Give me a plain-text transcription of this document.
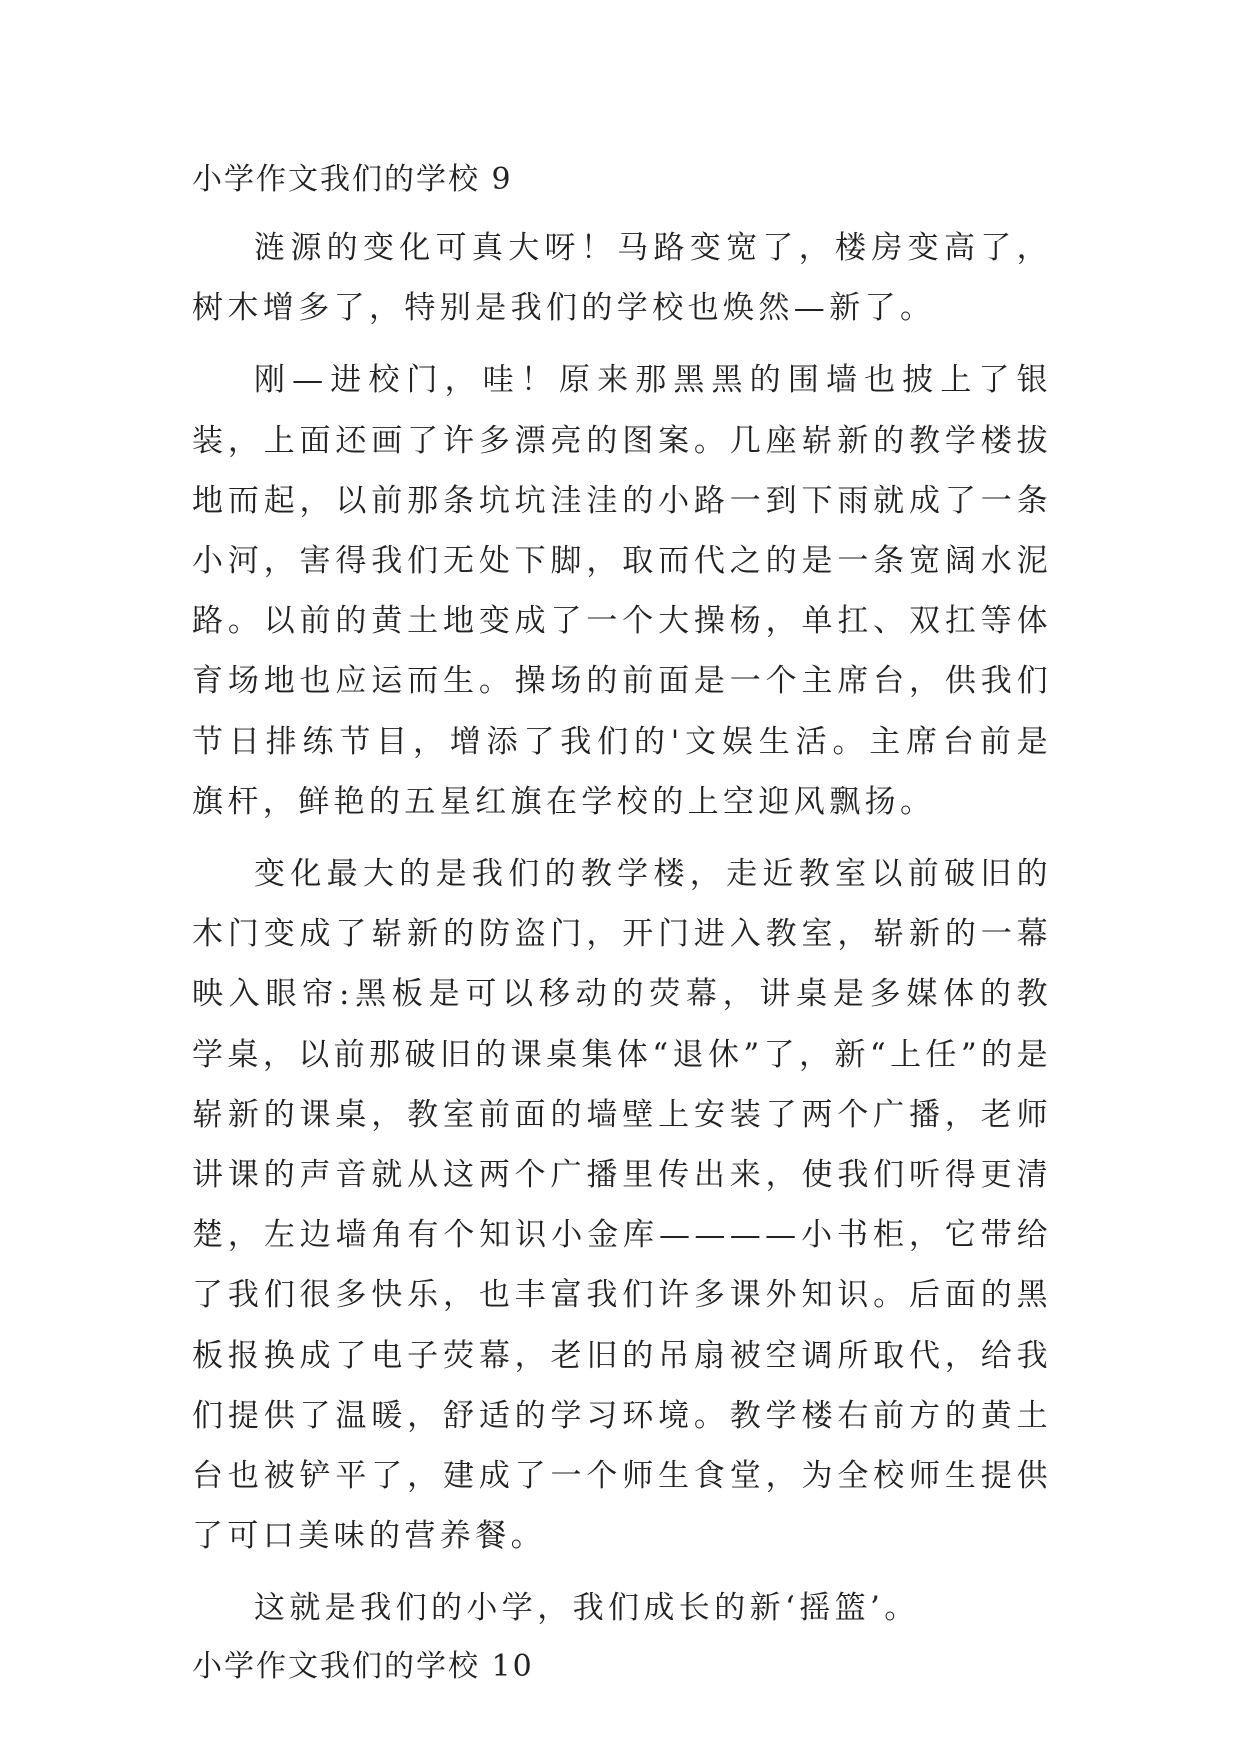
小学作文我们的学校 9

涟源的变化可真大呀！马路变宽了，楼房变高了，树木增多了，特别是我们的学校也焕然—新了。

刚—进校门，哇！原来那黑黑的围墙也披上了银装，上面还画了许多漂亮的图案。几座崭新的教学楼拔地而起，以前那条坑坑洼洼的小路一到下雨就成了一条小河，害得我们无处下脚，取而代之的是一条宽阔水泥路。以前的黄土地变成了一个大操杨，单扛、双扛等体育场地也应运而生。操场的前面是一个主席台，供我们节日排练节目，增添了我们的'文娱生活。主席台前是旗杆，鲜艳的五星红旗在学校的上空迎风飘扬。

变化最大的是我们的教学楼，走近教室以前破旧的木门变成了崭新的防盗门，开门进入教室，崭新的一幕映入眼帘:黑板是可以移动的荧幕，讲桌是多媒体的教学桌，以前那破旧的课桌集体“退休”了，新“上任”的是崭新的课桌，教室前面的墙壁上安装了两个广播，老师讲课的声音就从这两个广播里传出来，使我们听得更清楚，左边墙角有个知识小金库————小书柜，它带给了我们很多快乐，也丰富我们许多课外知识。后面的黑板报换成了电子荧幕，老旧的吊扇被空调所取代，给我们提供了温暖，舒适的学习环境。教学楼右前方的黄土台也被铲平了，建成了一个师生食堂，为全校师生提供了可口美味的营养餐。

这就是我们的小学，我们成长的新‘摇篮’。

小学作文我们的学校 10
